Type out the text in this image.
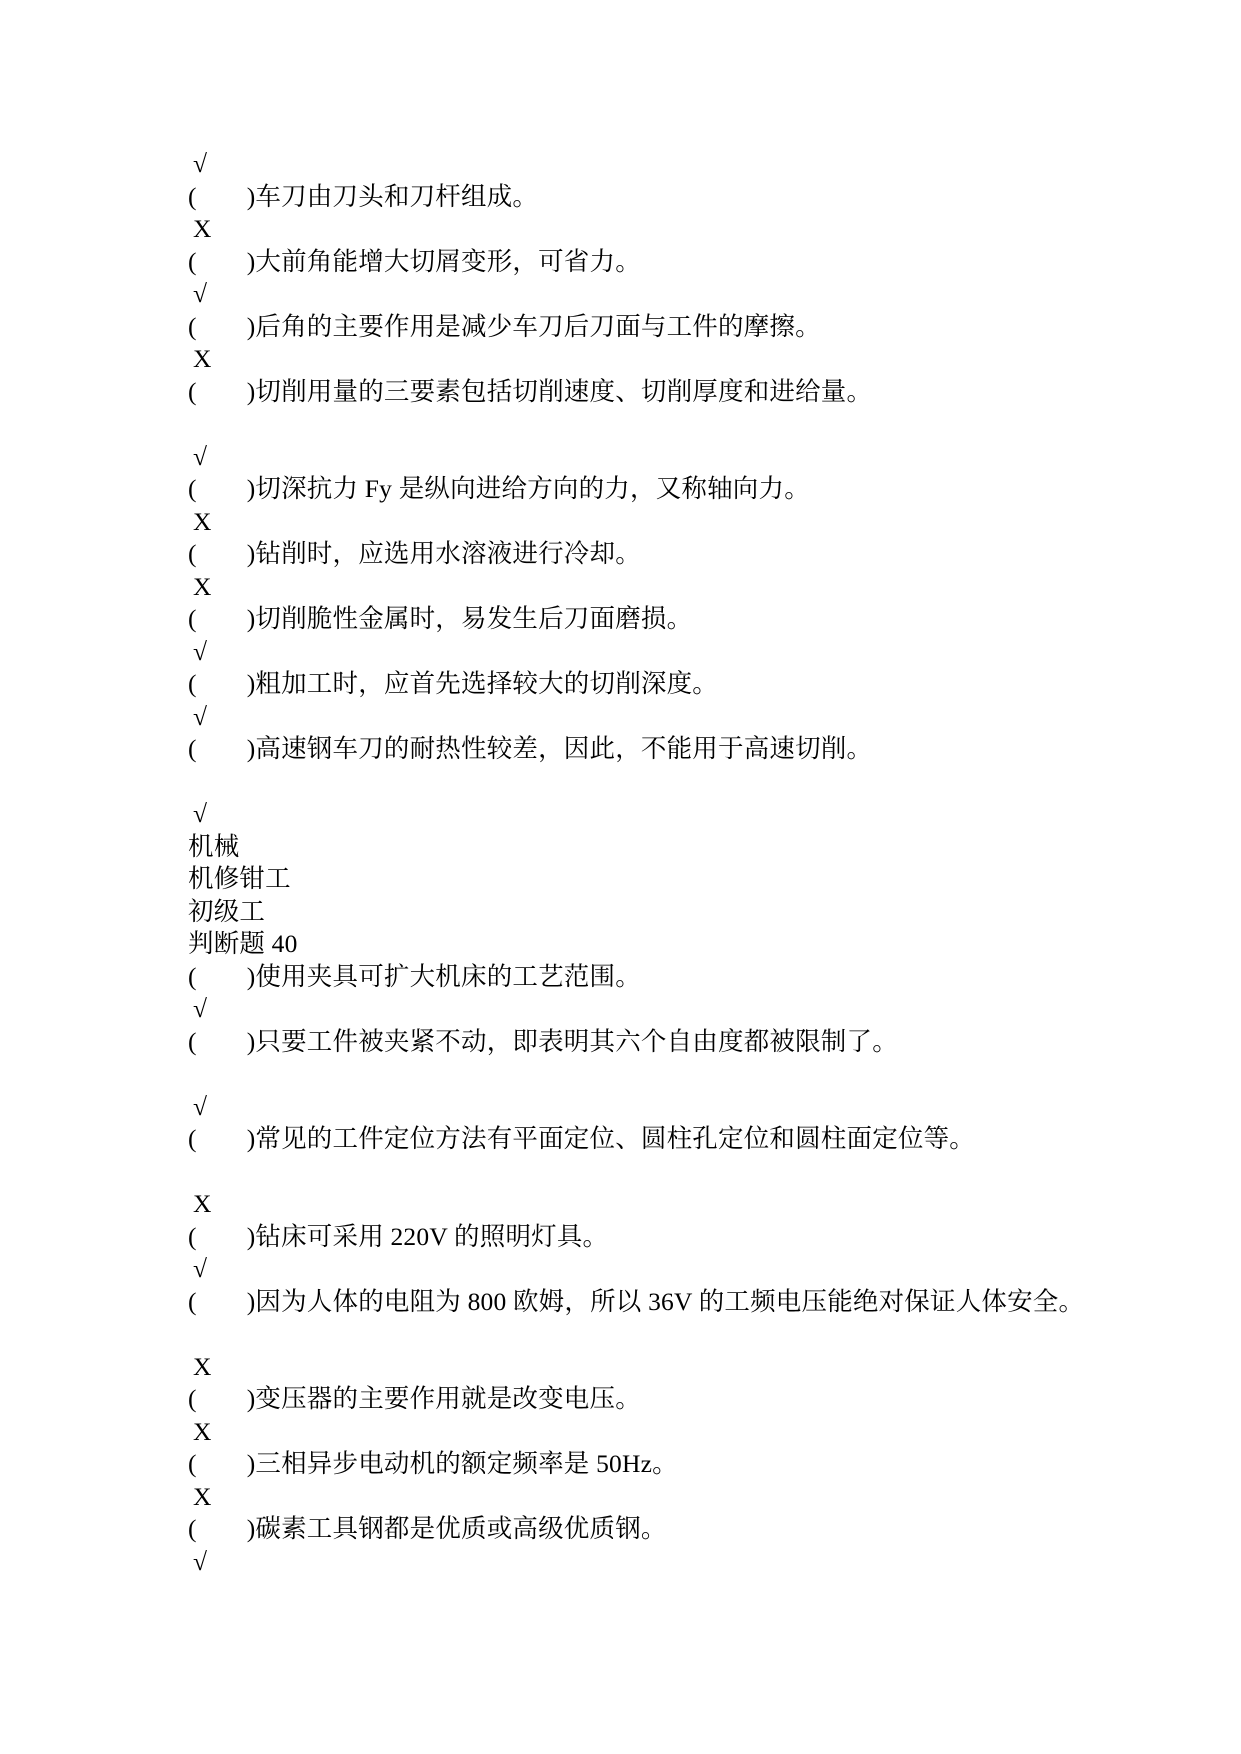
√
( )车刀由刀头和刀杆组成。
X
( )大前角能增大切屑变形，可省力。
√
( )后角的主要作用是减少车刀后刀面与工件的摩擦。
X
( )切削用量的三要素包括切削速度、切削厚度和进给量。
√
( )切深抗力 Fy 是纵向进给方向的力，又称轴向力。
X
( )钻削时，应选用水溶液进行冷却。
X
( )切削脆性金属时，易发生后刀面磨损。
√
( )粗加工时，应首先选择较大的切削深度。
√
( )高速钢车刀的耐热性较差，因此，不能用于高速切削。
√
机械
机修钳工
初级工
判断题 40
( )使用夹具可扩大机床的工艺范围。
√
( )只要工件被夹紧不动，即表明其六个自由度都被限制了。
√
( )常见的工件定位方法有平面定位、圆柱孔定位和圆柱面定位等。
X
( )钻床可采用 220V 的照明灯具。
√
( )因为人体的电阻为 800 欧姆，所以 36V 的工频电压能绝对保证人体安全。
X
( )变压器的主要作用就是改变电压。
X
( )三相异步电动机的额定频率是 50Hz。
X
( )碳素工具钢都是优质或高级优质钢。
√
